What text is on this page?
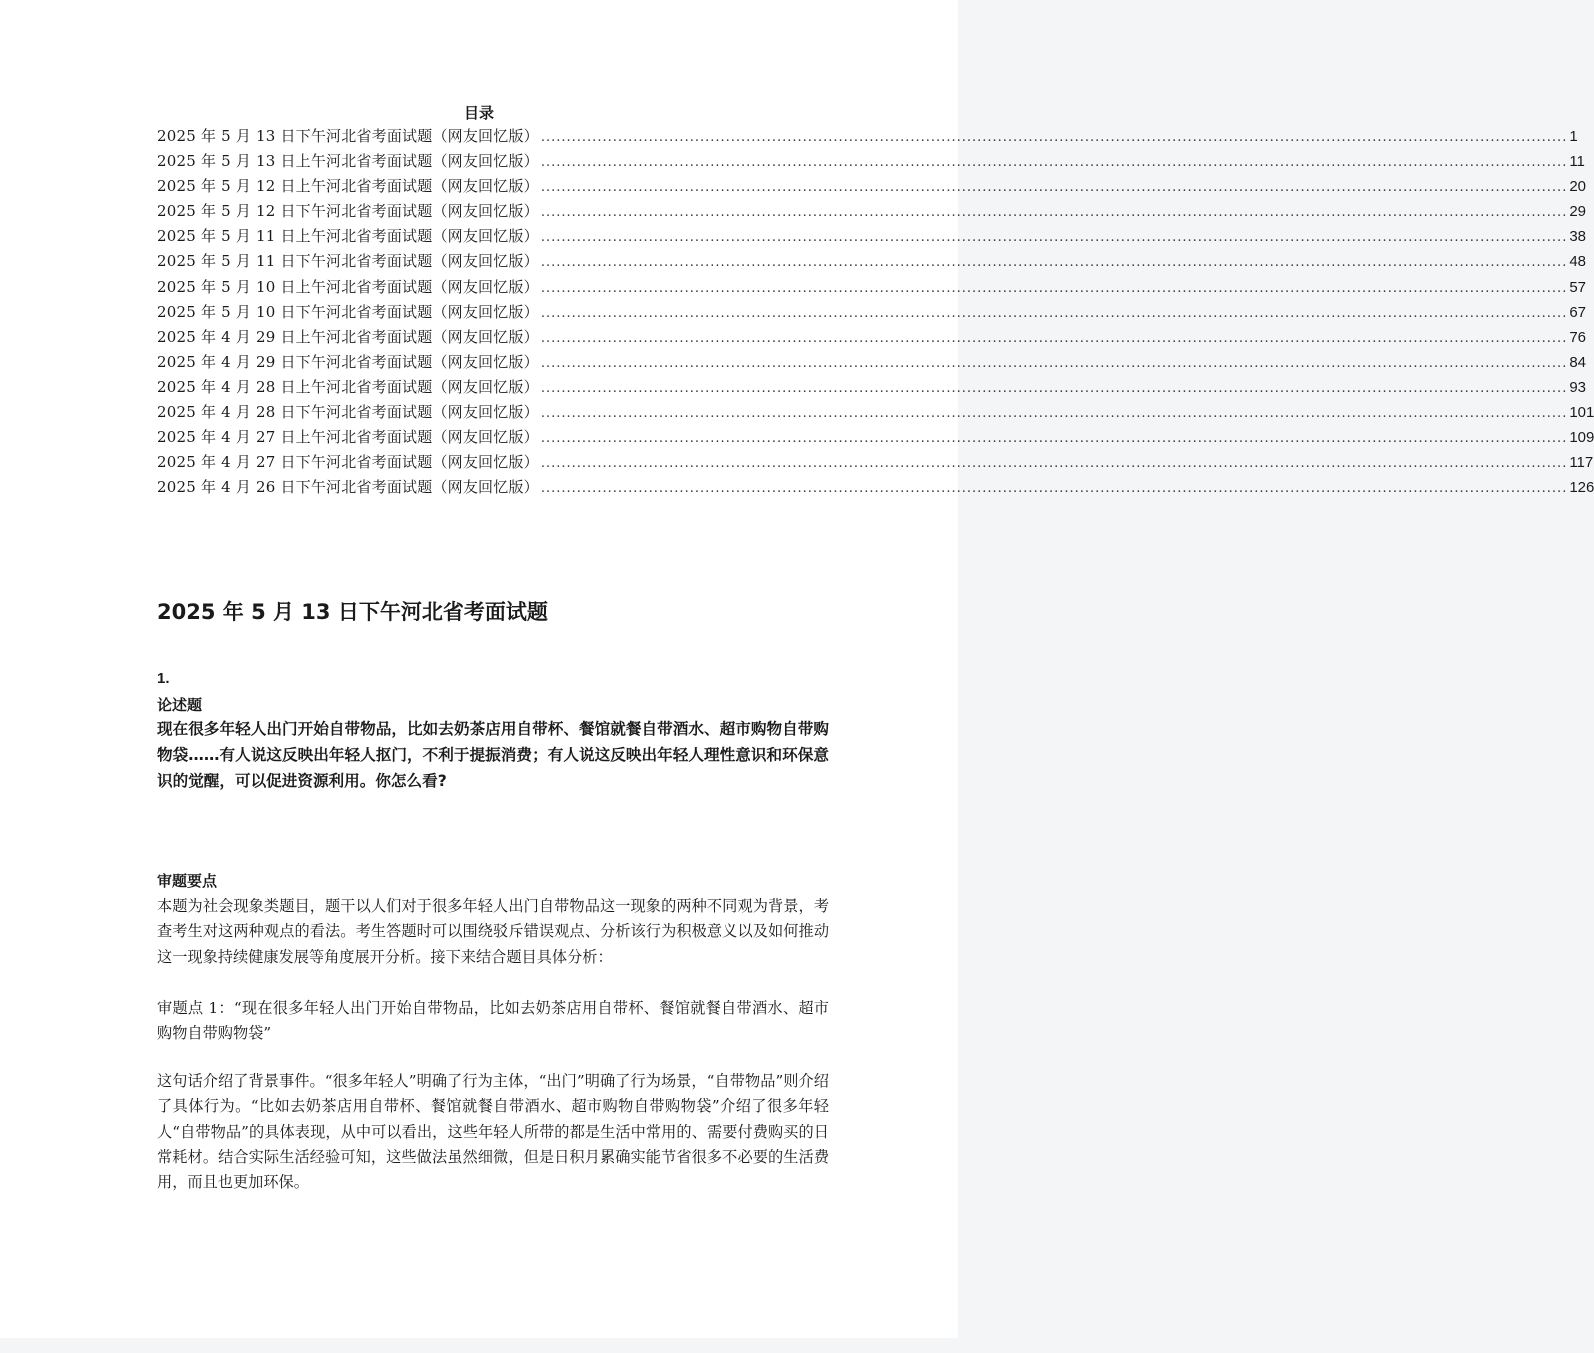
目录
2025 年 5 月 13 日下午河北省考面试题（网友回忆版） ........................................................................................................................................................................................................ 1
2025 年 5 月 13 日上午河北省考面试题（网友回忆版） ........................................................................................................................................................................................................ 11
2025 年 5 月 12 日上午河北省考面试题（网友回忆版） ........................................................................................................................................................................................................ 20
2025 年 5 月 12 日下午河北省考面试题（网友回忆版） ........................................................................................................................................................................................................ 29
2025 年 5 月 11 日上午河北省考面试题（网友回忆版） ........................................................................................................................................................................................................ 38
2025 年 5 月 11 日下午河北省考面试题（网友回忆版） ........................................................................................................................................................................................................ 48
2025 年 5 月 10 日上午河北省考面试题（网友回忆版） ........................................................................................................................................................................................................ 57
2025 年 5 月 10 日下午河北省考面试题（网友回忆版） ........................................................................................................................................................................................................ 67
2025 年 4 月 29 日上午河北省考面试题（网友回忆版） ........................................................................................................................................................................................................ 76
2025 年 4 月 29 日下午河北省考面试题（网友回忆版） ........................................................................................................................................................................................................ 84
2025 年 4 月 28 日上午河北省考面试题（网友回忆版） ........................................................................................................................................................................................................ 93
2025 年 4 月 28 日下午河北省考面试题（网友回忆版） ........................................................................................................................................................................................................ 101
2025 年 4 月 27 日上午河北省考面试题（网友回忆版） ........................................................................................................................................................................................................ 109
2025 年 4 月 27 日下午河北省考面试题（网友回忆版） ........................................................................................................................................................................................................ 117
2025 年 4 月 26 日下午河北省考面试题（网友回忆版） ........................................................................................................................................................................................................ 126
2025 年 5 月 13 日下午河北省考面试题
1.
论述题

现在很多年轻人出门开始自带物品，比如去奶茶店用自带杯、餐馆就餐自带酒水、超市购物自带购物袋……有人说这反映出年轻人抠门，不利于提振消费；有人说这反映出年轻人理性意识和环保意识的觉醒，可以促进资源利用。你怎么看?

审题要点

本题为社会现象类题目，题干以人们对于很多年轻人出门自带物品这一现象的两种不同观为背景，考查考生对这两种观点的看法。考生答题时可以围绕驳斥错误观点、分析该行为积极意义以及如何推动这一现象持续健康发展等角度展开分析。接下来结合题目具体分析：

审题点 1：“现在很多年轻人出门开始自带物品，比如去奶茶店用自带杯、餐馆就餐自带酒水、超市购物自带购物袋”

这句话介绍了背景事件。“很多年轻人”明确了行为主体，“出门”明确了行为场景，“自带物品”则介绍了具体行为。“比如去奶茶店用自带杯、餐馆就餐自带酒水、超市购物自带购物袋”介绍了很多年轻人“自带物品”的具体表现，从中可以看出，这些年轻人所带的都是生活中常用的、需要付费购买的日常耗材。结合实际生活经验可知，这些做法虽然细微，但是日积月累确实能节省很多不必要的生活费用，而且也更加环保。
